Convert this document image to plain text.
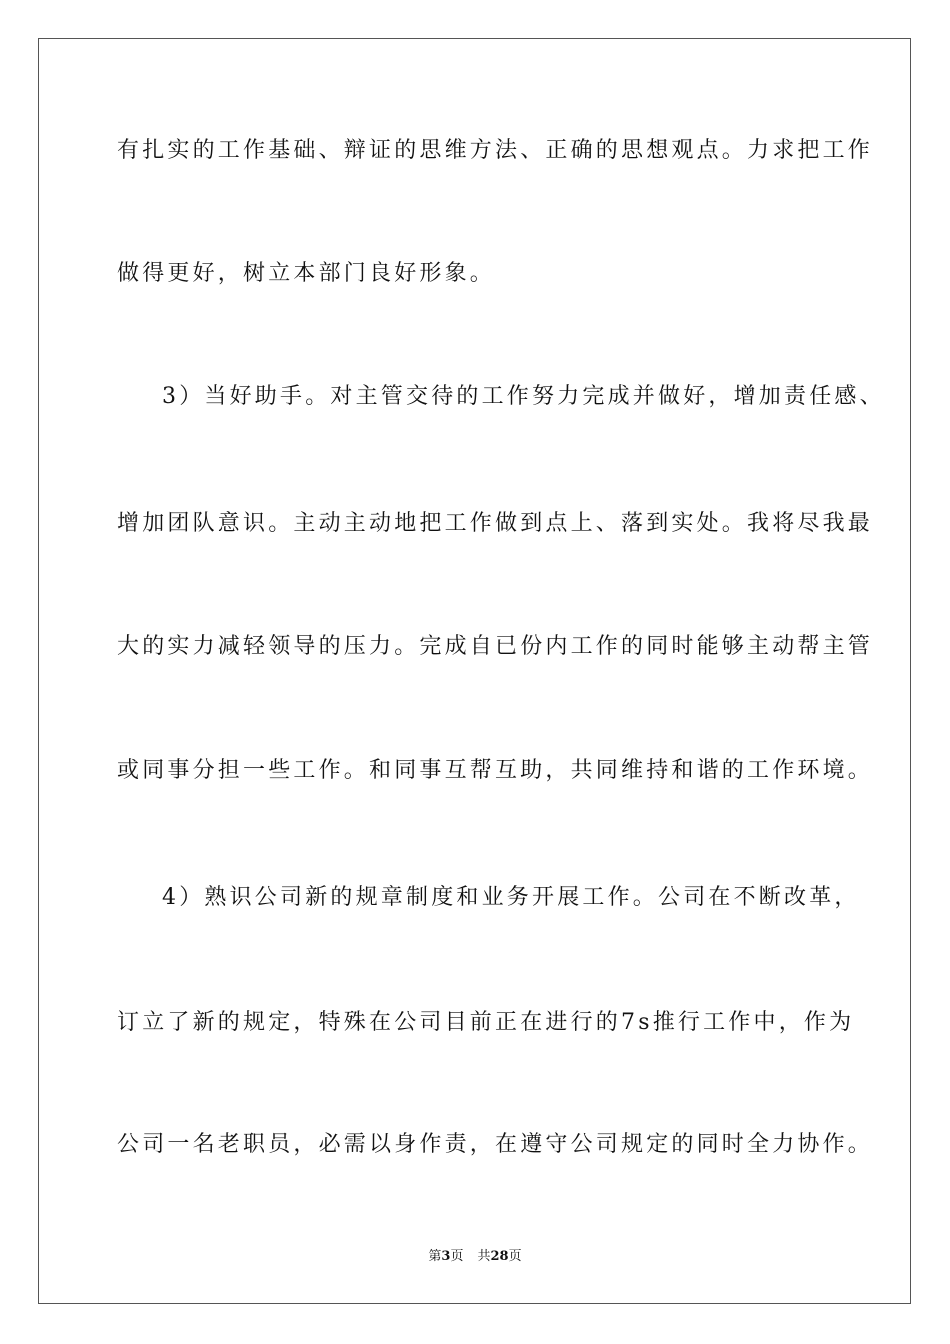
有扎实的工作基础、辩证的思维方法、正确的思想观点。力求把工作
做得更好，树立本部门良好形象。
3）当好助手。对主管交待的工作努力完成并做好，增加责任感、
增加团队意识。主动主动地把工作做到点上、落到实处。我将尽我最
大的实力减轻领导的压力。完成自已份内工作的同时能够主动帮主管
或同事分担一些工作。和同事互帮互助，共同维持和谐的工作环境。
4）熟识公司新的规章制度和业务开展工作。公司在不断改革，
订立了新的规定，特殊在公司目前正在进行的7s推行工作中，作为
公司一名老职员，必需以身作责，在遵守公司规定的同时全力协作。
第3页 共28页
